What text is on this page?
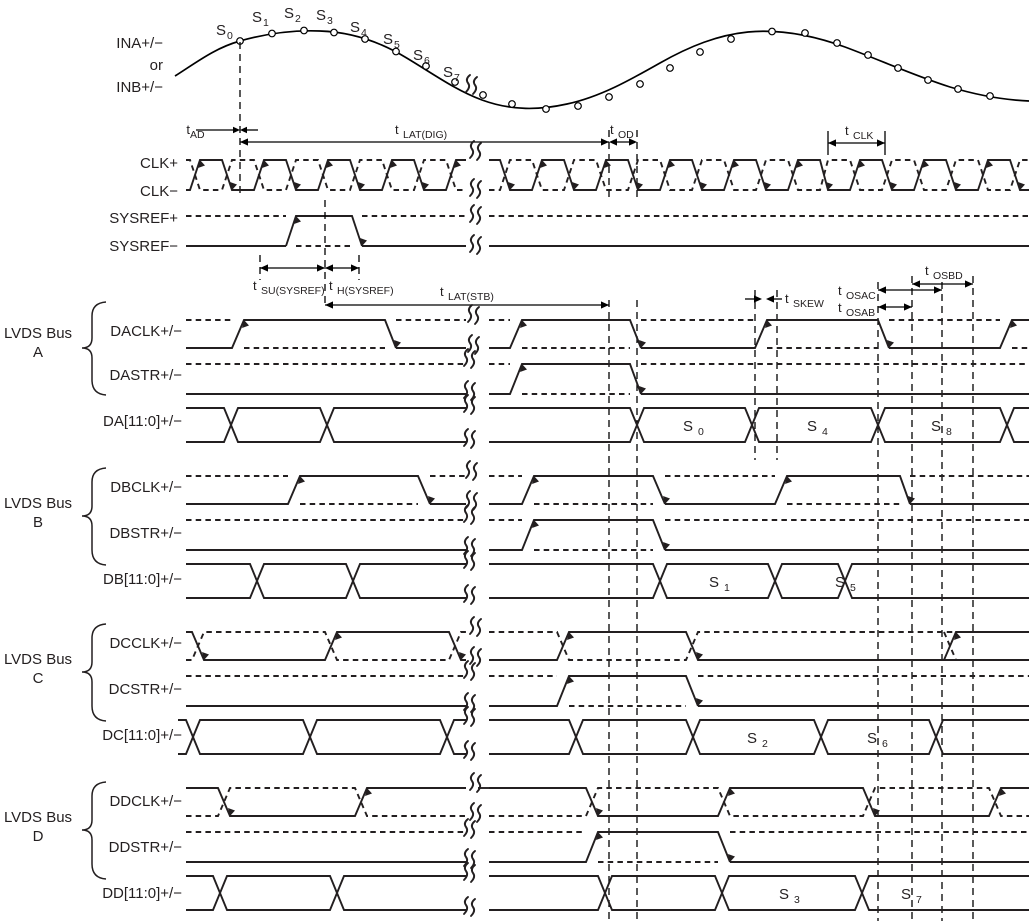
INA+/−
or
INB+/−
S 0
S 1
S 2 S 3 S 4 S 5
S 6
S 7
t AD	t LAT(DIG)	t OD	t CLK
CLK+
CLK−
SYSREF+
SYSREF−
t SU(SYSREF) t H(SYSREF)	t LAT(STB)	t SKEW
t OSAC
t OSAB
t OSBD
LVDS Bus
A
DACLK+/−
DASTR+/−
DA[11:0]+/−	S 0	S 4	S 8
LVDS Bus
B
DBCLK+/−
DBSTR+/−
DB[11:0]+/−	S 1	S 5
LVDS Bus
C
DCCLK+/−
DCSTR+/−
DC[11:0]+/−	S 2	S 6
LVDS Bus
D
DDCLK+/−
DDSTR+/−
DD[11:0]+/−	S 3	S 7
